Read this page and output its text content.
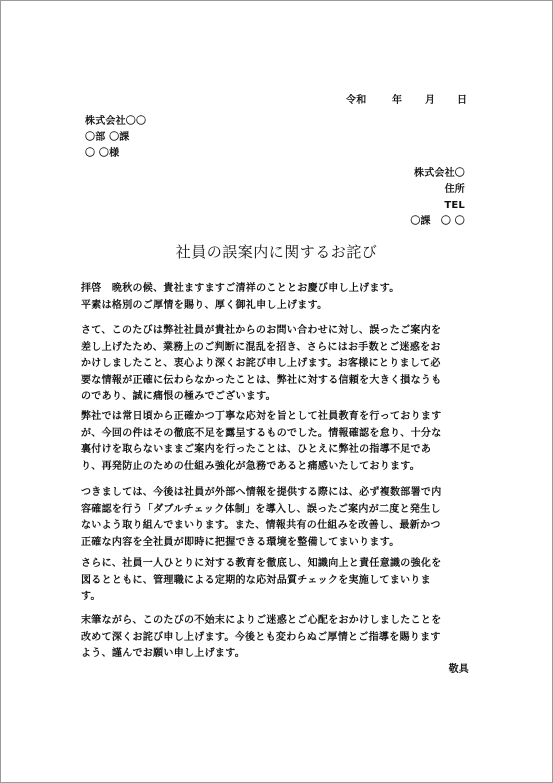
令和	年 月 日
株式会社〇〇
〇部 〇課
〇 〇様
株式会社〇
住所
TEL
〇課　〇 〇
社員の誤案内に関するお詫び
拝啓　晩秋の候、貴社ますますご清祥のこととお慶び申し上げます。
平素は格別のご厚情を賜り、厚く御礼申し上げます。
さて、このたびは弊社社員が貴社からのお問い合わせに対し、誤ったご案内を
差し上げたため、業務上のご判断に混乱を招き、さらにはお手数とご迷惑をお
かけしましたこと、衷心より深くお詫び申し上げます。お客様にとりまして必
要な情報が正確に伝わらなかったことは、弊社に対する信頼を大きく損なうも
のであり、誠に痛恨の極みでございます。
弊社では常日頃から正確かつ丁寧な応対を旨として社員教育を行っております
が、今回の件はその徹底不足を露呈するものでした。情報確認を怠り、十分な
裏付けを取らないままご案内を行ったことは、ひとえに弊社の指導不足であ
り、再発防止のための仕組み強化が急務であると痛感いたしております。
つきましては、今後は社員が外部へ情報を提供する際には、必ず複数部署で内
容確認を行う「ダブルチェック体制」を導入し、誤ったご案内が二度と発生し
ないよう取り組んでまいります。また、情報共有の仕組みを改善し、最新かつ
正確な内容を全社員が即時に把握できる環境を整備してまいります。
さらに、社員一人ひとりに対する教育を徹底し、知識向上と責任意識の強化を
図るとともに、管理職による定期的な応対品質チェックを実施してまいりま
す。
末筆ながら、このたびの不始末によりご迷惑とご心配をおかけしましたことを
改めて深くお詫び申し上げます。今後とも変わらぬご厚情とご指導を賜ります
よう、謹んでお願い申し上げます。
敬具
